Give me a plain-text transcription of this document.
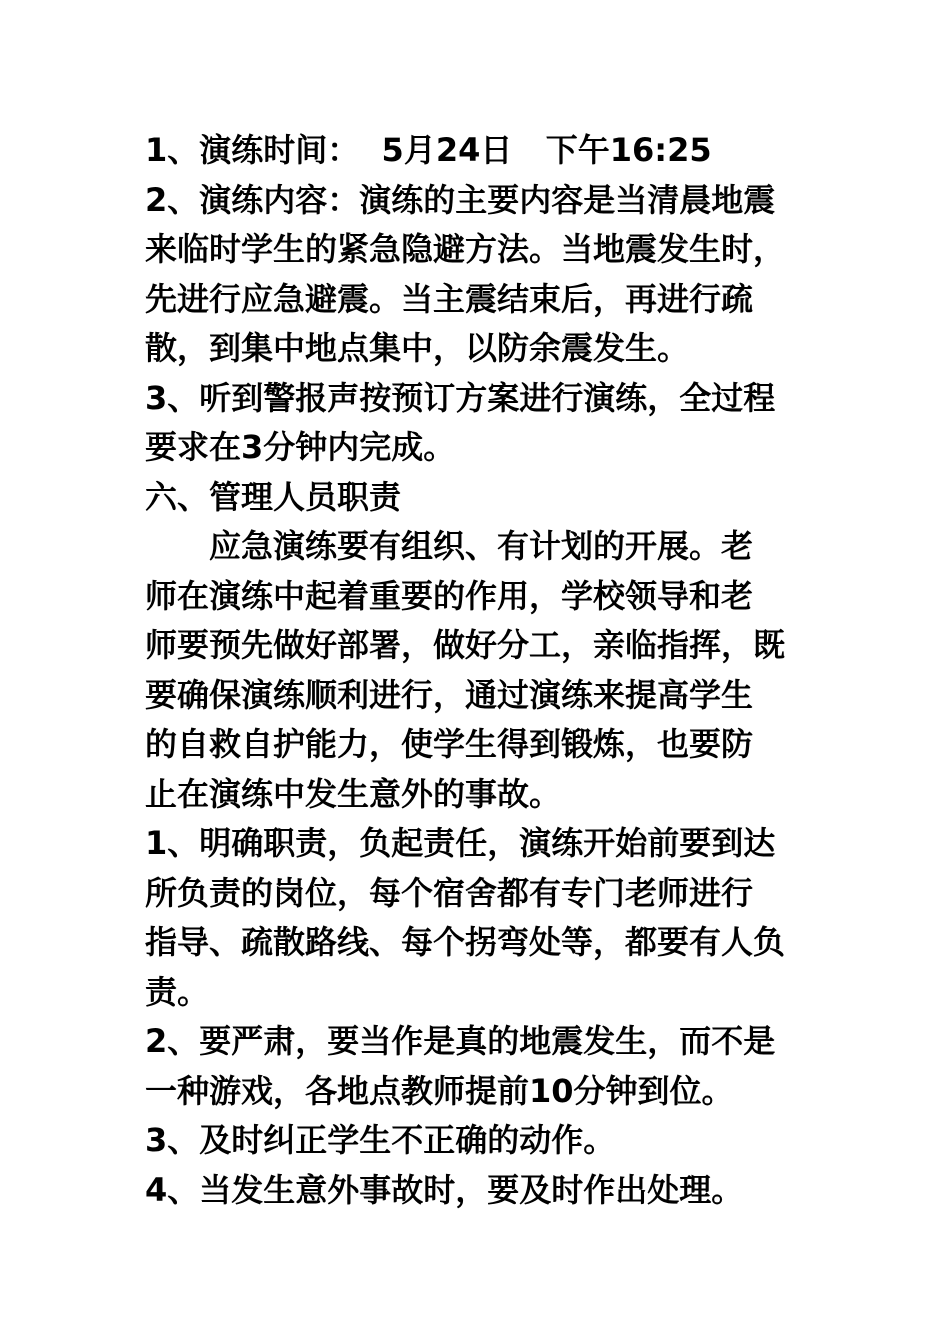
1、演练时间：  5月24日   下午16:25
2、演练内容：演练的主要内容是当清晨地震
来临时学生的紧急隐避方法。当地震发生时，
先进行应急避震。当主震结束后，再进行疏
散，到集中地点集中，以防余震发生。
3、听到警报声按预订方案进行演练，全过程
要求在3分钟内完成。
六、管理人员职责
应急演练要有组织、有计划的开展。老
师在演练中起着重要的作用，学校领导和老
师要预先做好部署，做好分工，亲临指挥，既
要确保演练顺利进行，通过演练来提高学生
的自救自护能力，使学生得到锻炼，也要防
止在演练中发生意外的事故。
1、明确职责，负起责任，演练开始前要到达
所负责的岗位，每个宿舍都有专门老师进行
指导、疏散路线、每个拐弯处等，都要有人负
责。
2、要严肃，要当作是真的地震发生，而不是
一种游戏，各地点教师提前10分钟到位。
3、及时纠正学生不正确的动作。
4、当发生意外事故时，要及时作出处理。
